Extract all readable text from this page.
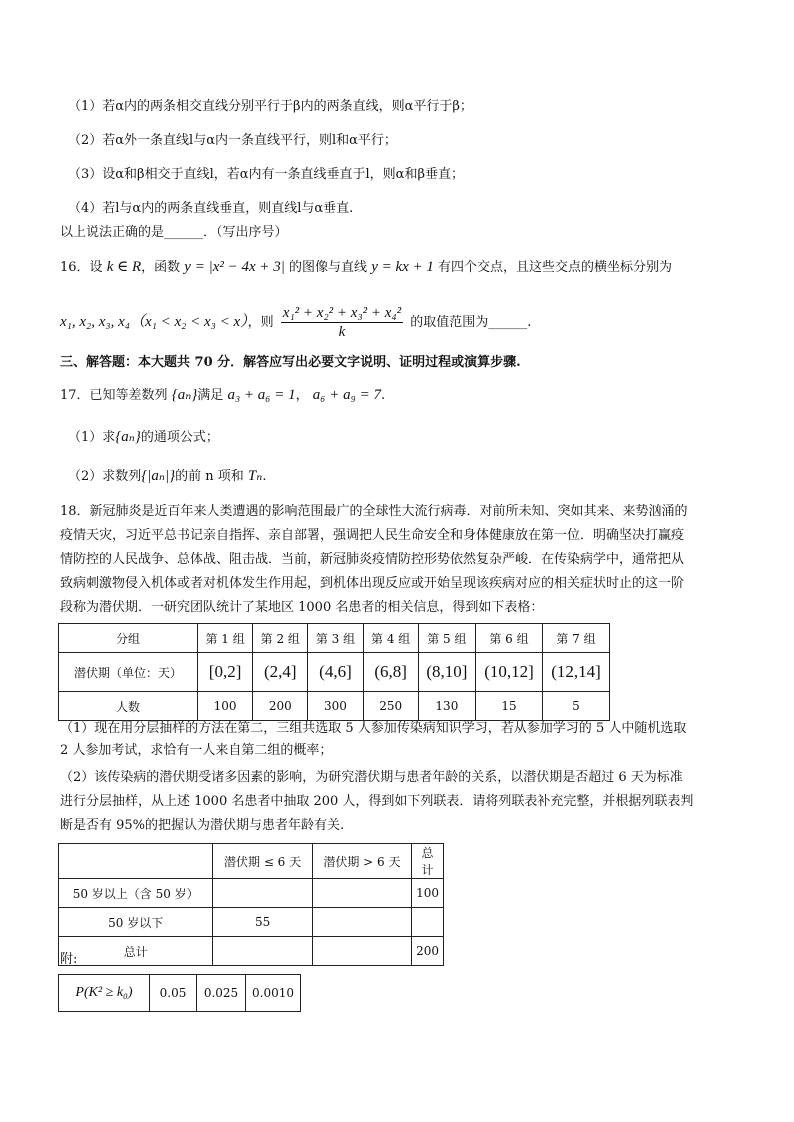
（1）若α内的两条相交直线分别平行于β内的两条直线，则α平行于β；
（2）若α外一条直线l与α内一条直线平行，则l和α平行；
（3）设α和β相交于直线l，若α内有一条直线垂直于l，则α和β垂直；
（4）若l与α内的两条直线垂直，则直线l与α垂直.
以上说法正确的是______．（写出序号）
16．设 k ∈ R，函数 y = |x² − 4x + 3| 的图像与直线 y = kx + 1 有四个交点，且这些交点的横坐标分别为
x₁, x₂, x₃, x₄（x₁ < x₂ < x₃ < x），则 $\frac{\text{x₁² + x₂² + x₃² + x₄²}}{k}$ 的取值范围为______.
三、解答题：本大题共 70 分．解答应写出必要文字说明、证明过程或演算步骤.
17．已知等差数列 {aₙ}满足 a₃ + a₆ = 1， a₆ + a₉ = 7.
（1）求{aₙ}的通项公式；
（2）求数列{|aₙ|}的前 n 项和 Tₙ.
18．新冠肺炎是近百年来人类遭遇的影响范围最广的全球性大流行病毒．对前所未知、突如其来、来势汹涌的
疫情天灾，习近平总书记亲自指挥、亲自部署，强调把人民生命安全和身体健康放在第一位．明确坚决打赢疫
情防控的人民战争、总体战、阻击战．当前，新冠肺炎疫情防控形势依然复杂严峻．在传染病学中，通常把从
致病刺激物侵入机体或者对机体发生作用起，到机体出现反应或开始呈现该疾病对应的相关症状时止的这一阶
段称为潜伏期．一研究团队统计了某地区 1000 名患者的相关信息，得到如下表格：
分组	第 1 组	第 2 组	第 3 组	第 4 组	第 5 组	第 6 组	第 7 组
潜伏期（单位：天）	[0,2]	(2,4]	(4,6]	(6,8]	(8,10]	(10,12]	(12,14]
人数	100	200	300	250	130	15	5
（1）现在用分层抽样的方法在第二，三组共选取 5 人参加传染病知识学习，若从参加学习的 5 人中随机选取
2 人参加考试，求恰有一人来自第二组的概率；
（2）该传染病的潜伏期受诸多因素的影响，为研究潜伏期与患者年龄的关系，以潜伏期是否超过 6 天为标准
进行分层抽样，从上述 1000 名患者中抽取 200 人，得到如下列联表．请将列联表补充完整，并根据列联表判
断是否有 95%的把握认为潜伏期与患者年龄有关.
	潜伏期 ≤ 6 天	潜伏期 > 6 天	总计
50 岁以上（含 50 岁）			100
50 岁以下	55		
总计			200
附:
P(K² ≥ k₀)	0.05	0.025	0.0010
